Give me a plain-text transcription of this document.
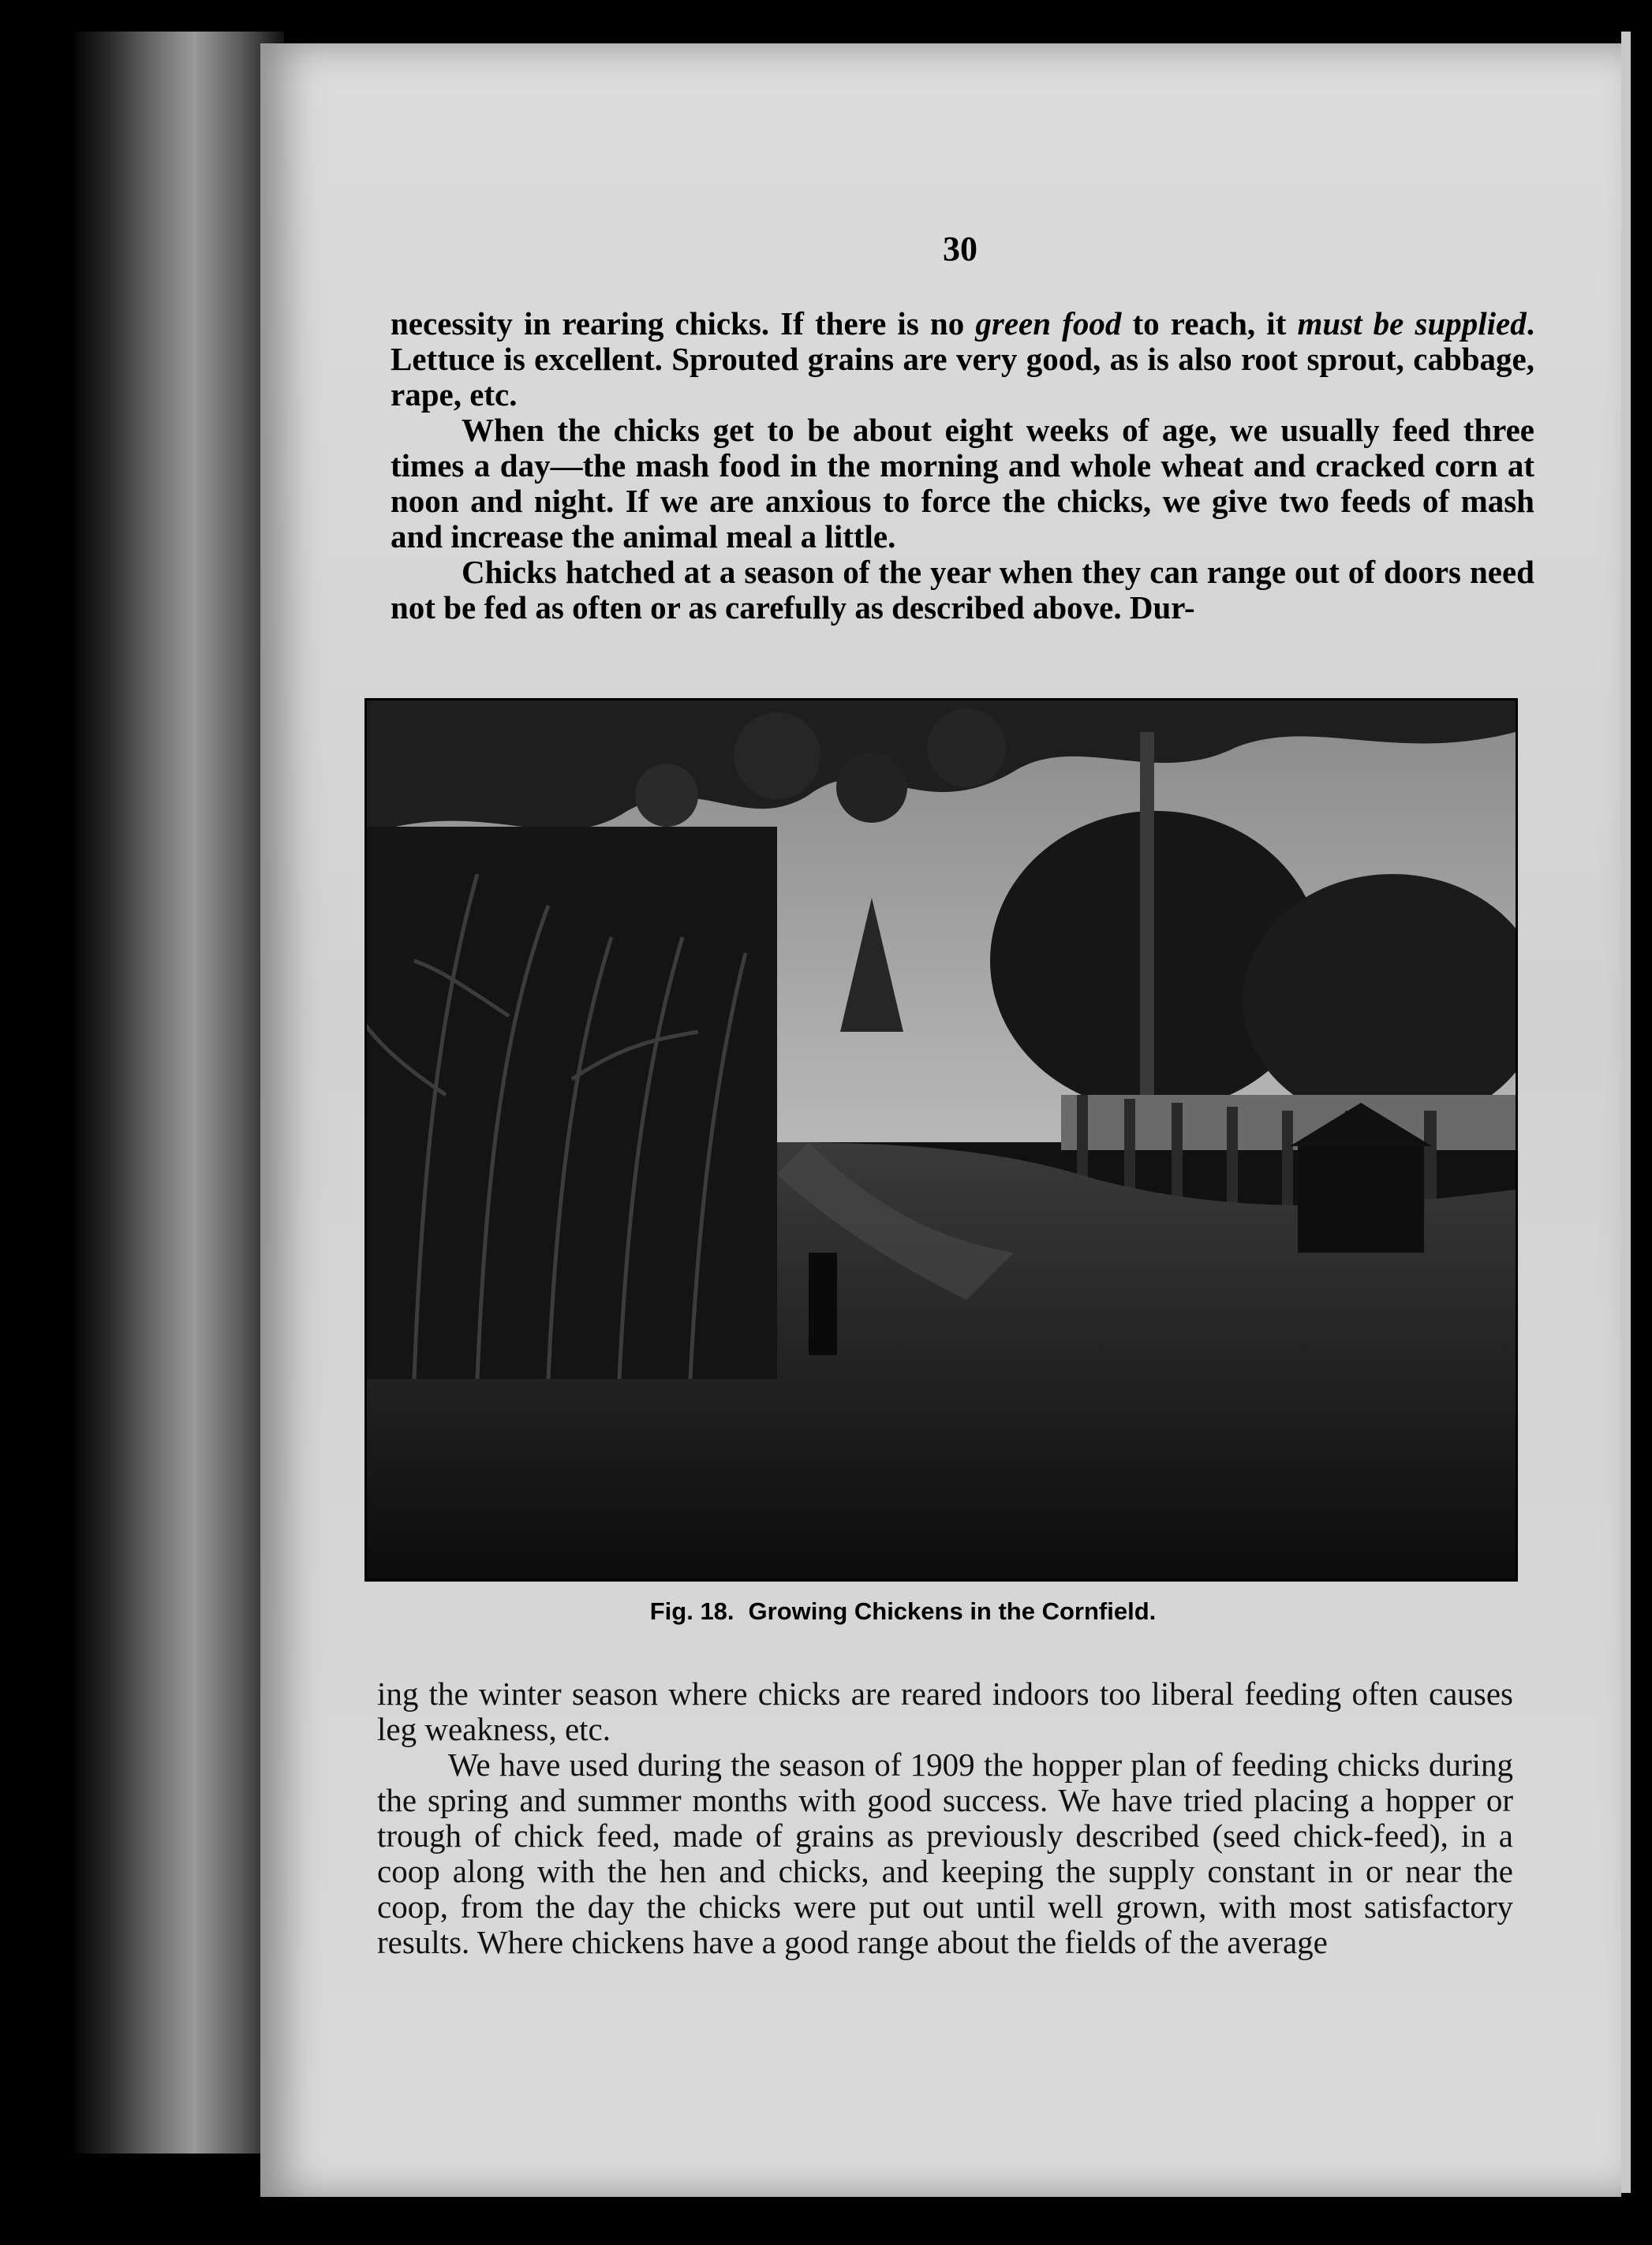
30

necessity in rearing chicks. If there is no green food to reach, it must be supplied. Lettuce is excellent. Sprouted grains are very good, as is also root sprout, cabbage, rape, etc.

When the chicks get to be about eight weeks of age, we usually feed three times a day—the mash food in the morning and whole wheat and cracked corn at noon and night. If we are anxious to force the chicks, we give two feeds of mash and increase the animal meal a little.

Chicks hatched at a season of the year when they can range out of doors need not be fed as often or as carefully as described above. Dur-

Fig. 18. Growing Chickens in the Cornfield.

ing the winter season where chicks are reared indoors too liberal feeding often causes leg weakness, etc.

We have used during the season of 1909 the hopper plan of feeding chicks during the spring and summer months with good success. We have tried placing a hopper or trough of chick feed, made of grains as previously described (seed chick-feed), in a coop along with the hen and chicks, and keeping the supply constant in or near the coop, from the day the chicks were put out until well grown, with most satisfactory results. Where chickens have a good range about the fields of the average
